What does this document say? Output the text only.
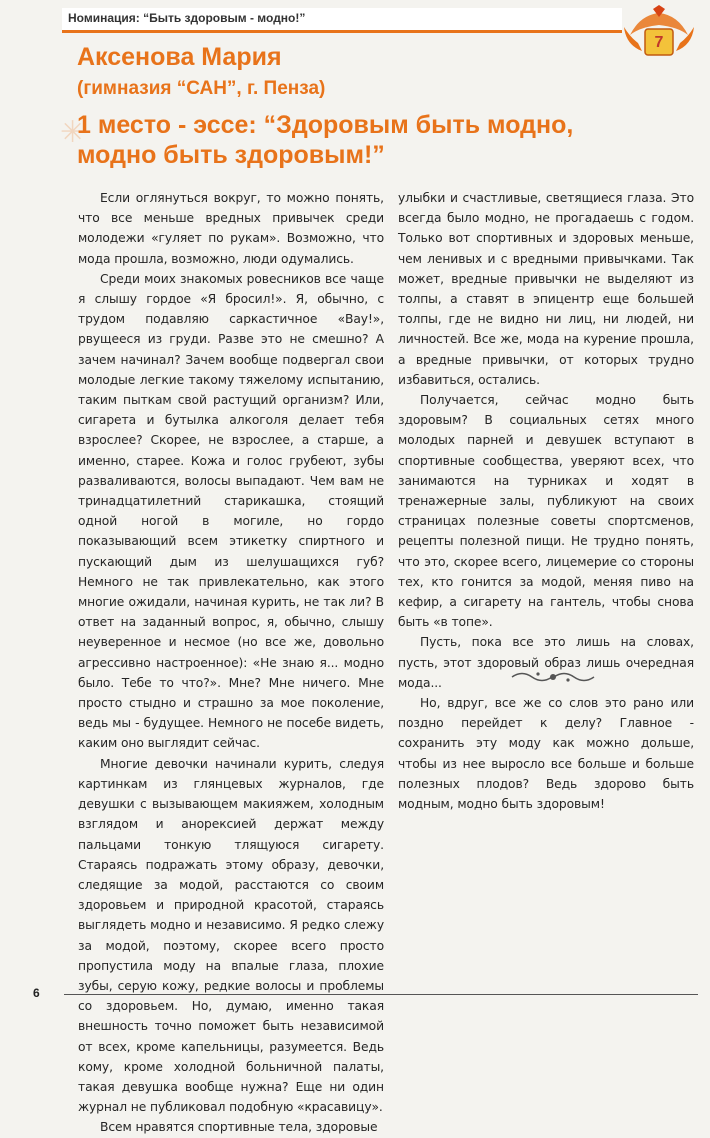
Номинация: “Быть здоровым - модно!”
7
✳
Аксенова Мария
(гимназия “САН”, г. Пенза)
1 место - эссе: “Здоровым быть модно,
модно быть здоровым!”

Если оглянуться вокруг, то можно понять, что все меньше вредных привычек среди молодежи «гуляет по рукам». Возможно, что мода прошла, возможно, люди одумались.

Среди моих знакомых ровесников все чаще я слышу гордое «Я бросил!». Я, обычно, с трудом подавляю саркастичное «Вау!», рвущееся из груди. Разве это не смешно? А зачем начинал? Зачем вообще подвергал свои молодые легкие такому тяжелому испытанию, таким пыткам свой растущий организм? Или, сигарета и бутылка алкоголя делает тебя взрослее? Скорее, не взрослее, а старше, а именно, старее. Кожа и голос грубеют, зубы разваливаются, волосы выпадают. Чем вам не тринадцатилетний старикашка, стоящий одной ногой в могиле, но гордо показывающий всем этикетку спиртного и пускающий дым из шелушащихся губ? Немного не так привлекательно, как этого многие ожидали, начиная курить, не так ли? В ответ на заданный вопрос, я, обычно, слышу неуверенное и несмое (но все же, довольно агрессивно настроенное): «Не знаю я... модно было. Тебе то что?». Мне? Мне ничего. Мне просто стыдно и страшно за мое поколение, ведь мы - будущее. Немного не посебе видеть, каким оно выглядит сейчас.

Многие девочки начинали курить, следуя картинкам из глянцевых журналов, где девушки с вызывающем макияжем, холодным взглядом и анорексией держат между пальцами тонкую тлящуюся сигарету. Стараясь подражать этому образу, девочки, следящие за модой, расстаются со своим здоровьем и природной красотой, стараясь выглядеть модно и независимо. Я редко слежу за модой, поэтому, скорее всего просто пропустила моду на впалые глаза, плохие зубы, серую кожу, редкие волосы и проблемы со здоровьем. Но, думаю, именно такая внешность точно поможет быть независимой от всех, кроме капельницы, разумеется. Ведь кому, кроме холодной больничной палаты, такая девушка вообще нужна? Еще ни один журнал не публиковал подобную «красавицу».

Всем нравятся спортивные тела, здоровые

улыбки и счастливые, светящиеся глаза. Это всегда было модно, не прогадаешь с годом. Только вот спортивных и здоровых меньше, чем ленивых и с вредными привычками. Так может, вредные привычки не выделяют из толпы, а ставят в эпицентр еще большей толпы, где не видно ни лиц, ни людей, ни личностей. Все же, мода на курение прошла, а вредные привычки, от которых трудно избавиться, остались.

Получается, сейчас модно быть здоровым? В социальных сетях много молодых парней и девушек вступают в спортивные сообщества, уверяют всех, что занимаются на турниках и ходят в тренажерные залы, публикуют на своих страницах полезные советы спортсменов, рецепты полезной пищи. Не трудно понять, что это, скорее всего, лицемерие со стороны тех, кто гонится за модой, меняя пиво на кефир, а сигарету на гантель, чтобы снова быть «в топе».

Пусть, пока все это лишь на словах, пусть, этот здоровый образ лишь очередная мода...

Но, вдруг, все же со слов это рано или поздно перейдет к делу? Главное - сохранить эту моду как можно дольше, чтобы из нее выросло все больше и больше полезных плодов? Ведь здорово быть модным, модно быть здоровым!

6
